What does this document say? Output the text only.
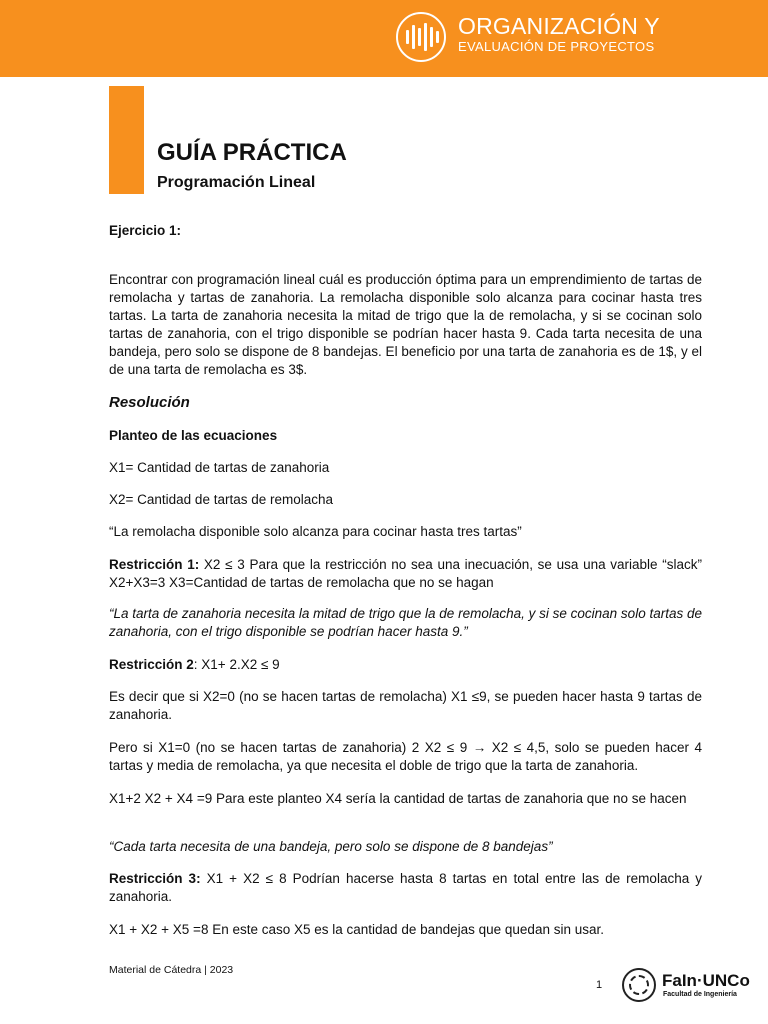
ORGANIZACIÓN Y
EVALUACIÓN DE PROYECTOS
GUÍA PRÁCTICA
Programación Lineal
Ejercicio 1:
Encontrar con programación lineal cuál es producción óptima para un emprendimiento de tartas de remolacha y tartas de zanahoria. La remolacha disponible solo alcanza para cocinar hasta tres tartas. La tarta de zanahoria necesita la mitad de trigo que la de remolacha, y si se cocinan solo tartas de zanahoria, con el trigo disponible se podrían hacer hasta 9. Cada tarta necesita de una bandeja, pero solo se dispone de 8 bandejas. El beneficio por una tarta de zanahoria es de 1$, y el de una tarta de remolacha es 3$.
Resolución
Planteo de las ecuaciones
X1= Cantidad de tartas de zanahoria
X2= Cantidad de tartas de remolacha
“La remolacha disponible solo alcanza para cocinar hasta tres tartas”
Restricción 1: X2 ≤ 3 Para que la restricción no sea una inecuación, se usa una variable “slack” X2+X3=3 X3=Cantidad de tartas de remolacha que no se hagan
“La tarta de zanahoria necesita la mitad de trigo que la de remolacha, y si se cocinan solo tartas de zanahoria, con el trigo disponible se podrían hacer hasta 9.”
Restricción 2: X1+ 2.X2 ≤ 9
Es decir que si X2=0 (no se hacen tartas de remolacha) X1 ≤9, se pueden hacer hasta 9 tartas de zanahoria.
Pero si X1=0 (no se hacen tartas de zanahoria) 2 X2 ≤ 9 → X2 ≤ 4,5, solo se pueden hacer 4 tartas y media de remolacha, ya que necesita el doble de trigo que la tarta de zanahoria.
X1+2 X2 + X4 =9 Para este planteo X4 sería la cantidad de tartas de zanahoria que no se hacen
“Cada tarta necesita de una bandeja, pero solo se dispone de 8 bandejas”
Restricción 3: X1 + X2 ≤ 8 Podrían hacerse hasta 8 tartas en total entre las de remolacha y zanahoria.
X1 + X2 + X5 =8 En este caso X5 es la cantidad de bandejas que quedan sin usar.
Material de Cátedra | 2023
1	FaIn·UNCo
Facultad de Ingeniería
